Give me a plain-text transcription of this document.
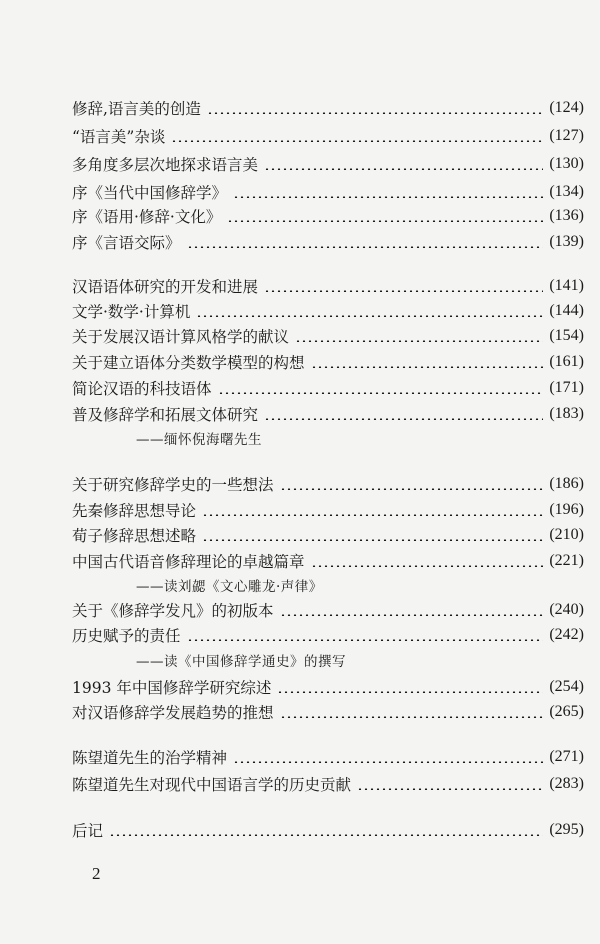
修辞,语言美的创造	(124)
“语言美”杂谈	(127)
多角度多层次地探求语言美	(130)
序《当代中国修辞学》	(134)
序《语用·修辞·文化》	(136)
序《言语交际》	(139)
汉语语体研究的开发和进展	(141)
文学·数学·计算机	(144)
关于发展汉语计算风格学的献议	(154)
关于建立语体分类数学模型的构想	(161)
简论汉语的科技语体	(171)
普及修辞学和拓展文体研究	(183)
——缅怀倪海曙先生
关于研究修辞学史的一些想法	(186)
先秦修辞思想导论	(196)
荀子修辞思想述略	(210)
中国古代语音修辞理论的卓越篇章	(221)
——读刘勰《文心雕龙·声律》
关于《修辞学发凡》的初版本	(240)
历史赋予的责任	(242)
——读《中国修辞学通史》的撰写
1993 年中国修辞学研究综述	(254)
对汉语修辞学发展趋势的推想	(265)
陈望道先生的治学精神	(271)
陈望道先生对现代中国语言学的历史贡献	(283)
后记	(295)
2
